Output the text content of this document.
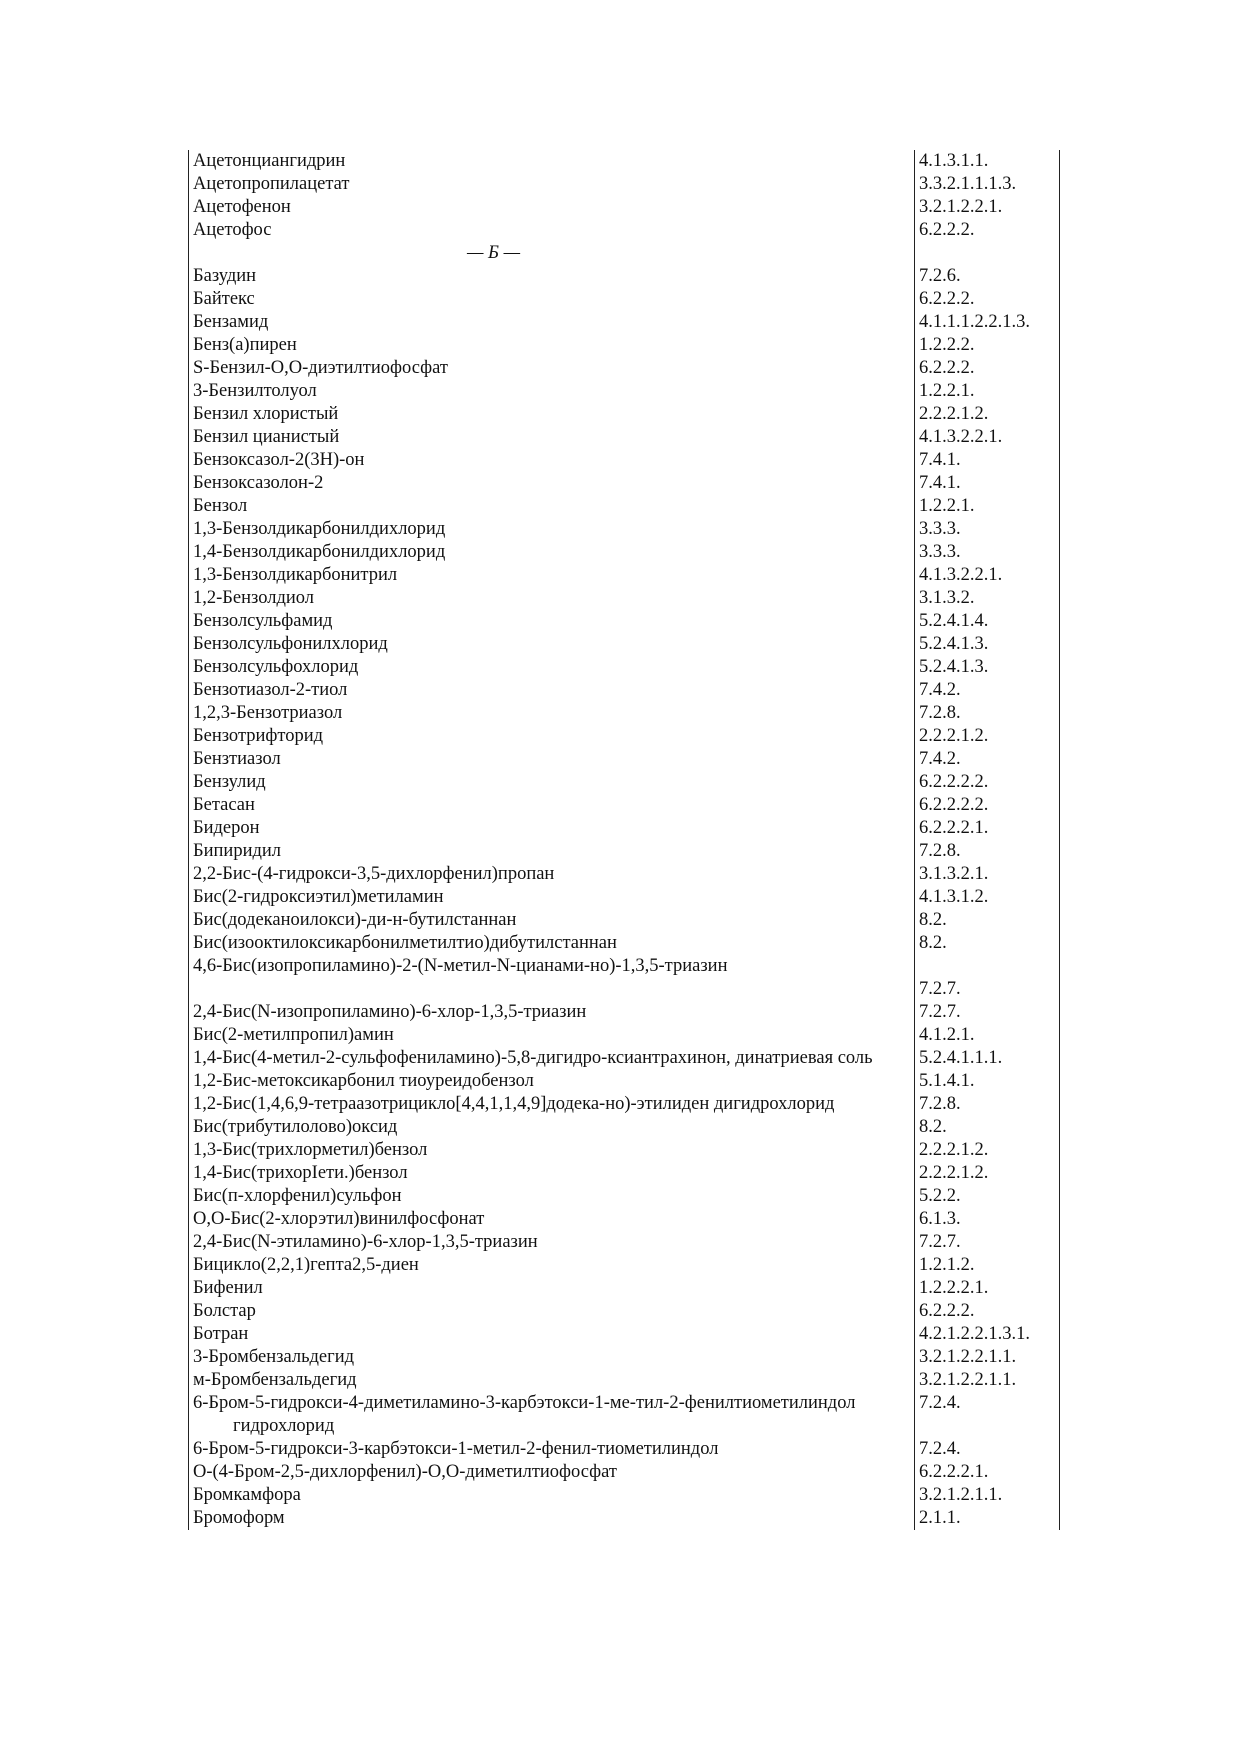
Ацетонциангидрин	4.1.3.1.1.
Ацетопропилацетат	3.3.2.1.1.1.3.
Ацетофенон	3.2.1.2.2.1.
Ацетофос	6.2.2.2.
— Б —	
Базудин	7.2.6.
Байтекс	6.2.2.2.
Бензамид	4.1.1.1.2.2.1.3.
Бенз(а)пирен	1.2.2.2.
S-Бензил-О,О-диэтилтиофосфат	6.2.2.2.
3-Бензилтолуол	1.2.2.1.
Бензил хлористый	2.2.2.1.2.
Бензил цианистый	4.1.3.2.2.1.
Бензоксазол-2(3Н)-он	7.4.1.
Бензоксазолон-2	7.4.1.
Бензол	1.2.2.1.
1,3-Бензолдикарбонилдихлорид	3.3.3.
1,4-Бензолдикарбонилдихлорид	3.3.3.
1,3-Бензолдикарбонитрил	4.1.3.2.2.1.
1,2-Бензолдиол	3.1.3.2.
Бензолсульфамид	5.2.4.1.4.
Бензолсульфонилхлорид	5.2.4.1.3.
Бензолсульфохлорид	5.2.4.1.3.
Бензотиазол-2-тиол	7.4.2.
1,2,3-Бензотриазол	7.2.8.
Бензотрифторид	2.2.2.1.2.
Бензтиазол	7.4.2.
Бензулид	6.2.2.2.2.
Бетасан	6.2.2.2.2.
Бидерон	6.2.2.2.1.
Бипиридил	7.2.8.
2,2-Бис-(4-гидрокси-3,5-дихлорфенил)пропан	3.1.3.2.1.
Бис(2-гидроксиэтил)метиламин	4.1.3.1.2.
Бис(додеканоилокси)-ди-н-бутилстаннан	8.2.
Бис(изооктилоксикарбонилметилтио)дибутилстаннан	8.2.
4,6-Бис(изопропиламино)-2-(N-метил-N-цианами-но)-1,3,5-триазин	7.2.7.
2,4-Бис(N-изопропиламино)-6-хлор-1,3,5-триазин	7.2.7.
Бис(2-метилпропил)амин	4.1.2.1.
1,4-Бис(4-метил-2-сульфофениламино)-5,8-дигидро-ксиантрахинон, динатриевая соль	5.2.4.1.1.1.
1,2-Бис-метоксикарбонил тиоуреидобензол	5.1.4.1.
1,2-Бис(1,4,6,9-тетраазотрицикло[4,4,1,1,4,9]додека-но)-этилиден дигидрохлорид	7.2.8.
Бис(трибутилолово)оксид	8.2.
1,3-Бис(трихлорметил)бензол	2.2.2.1.2.
1,4-Бис(трихорIети.)бензол	2.2.2.1.2.
Бис(п-хлорфенил)сульфон	5.2.2.
О,О-Бис(2-хлорэтил)винилфосфонат	6.1.3.
2,4-Бис(N-этиламино)-6-хлор-1,3,5-триазин	7.2.7.
Бицикло(2,2,1)гепта2,5-диен	1.2.1.2.
Бифенил	1.2.2.2.1.
Болстар	6.2.2.2.
Ботран	4.2.1.2.2.1.3.1.
3-Бромбензальдегид	3.2.1.2.2.1.1.
м-Бромбензальдегид	3.2.1.2.2.1.1.
6-Бром-5-гидрокси-4-диметиламино-3-карбэтокси-1-ме-тил-2-фенилтиометилиндол гидрохлорид	7.2.4.
6-Бром-5-гидрокси-3-карбэтокси-1-метил-2-фенил-тиометилиндол	7.2.4.
О-(4-Бром-2,5-дихлорфенил)-О,О-диметилтиофосфат	6.2.2.2.1.
Бромкамфора	3.2.1.2.1.1.
Бромоформ	2.1.1.
